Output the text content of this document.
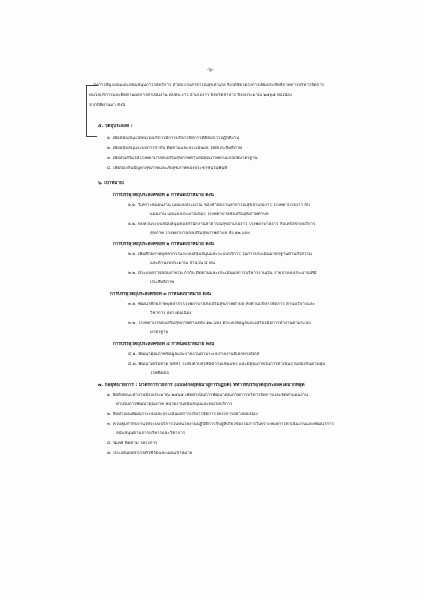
-๖-
ในการที่มุ่งเน้นและสนับสนุนการให้บริการ สำนักงานสาธารณสุขอำเภอ จึงได้จัดโครงการเพิ่มประสิทธิภาพการบริหารจัดการ
หน่วยบริการและติดตามผลการดำเนินงาน คปสอ.งาว อำเภองาว จังหวัดลำปาง ปีงบประมาณ ๒๕๖๕ ต่อเนื่อง
จากปีที่ผ่านมา ดังนี้
๕. วัตถุประสงค์ :
๑. เพื่อสนับสนุนให้หน่วยบริการมีการบริหารจัดการที่ดีต่อการปฏิบัติงาน
๒. เพื่อสนับสนุนระบบการกำกับ ติดตามและประเมินผล ให้มีประสิทธิภาพ
๓. เพื่อส่งเสริมให้โรงพยาบาลส่งเสริมสุขภาพตำบลมีคุณภาพตามเกณฑ์มาตรฐาน
๔. เพื่อป้องกันปัญหาสุขภาพและภัยสุขภาพของประชาชนในพื้นที่
๖. เป้าหมาย:
การบรรลุวัตถุประสงค์ข้อที่ ๑ กำหนดเป้าหมาย ดังนี้
๑.๑. วิเคราะห์แผนงาน แผนงบประมาณ ของสำนักงานสาธารณสุขอำเภองาว โรงพยาบาลงาว กับ
แผนงาน แผนงบประมาณของ โรงพยาบาลส่งเสริมสุขภาพตำบล
๑.๒. ทบทวนระบบสนับสนุนของสำนักงานสาธารณสุขอำเภองาว โรงพยาบาลงาว กับเครือข่ายบริการ
สุขภาพ โรงพยาบาลส่งเสริมสุขภาพตำบล ทั้ง ๑๒ แห่ง
การบรรลุวัตถุประสงค์ข้อที่ ๒ กำหนดเป้าหมาย ดังนี้
๒.๑. เพิ่มศักยภาพบุคลากรในระบบสนับสนุนและระบบบริการ ในการประเมินมาตรฐานด้านกิจกรรม
และด้านงบประมาณ จำนวน ๔ คน
๒.๒. มีระบบตรวจสอบภายใน กำกับ ติดตามและประเมินผลการบริหารงานเงิน รายจ่ายงบประมาณที่มี
ประสิทธิภาพ
การบรรลุวัตถุประสงค์ข้อที่ ๓ กำหนดเป้าหมาย ดังนี้
๓.๑. พัฒนาศักยภาพบุคลากรโรงพยาบาลส่งเสริมสุขภาพตำบล ทั้งด้านบริหารจัดการ ด้านบริการและ
วิชาการ อย่างต่อเนื่อง
๓.๒. โรงพยาบาลส่งเสริมสุขภาพตำบลทั้ง ๑๒ แห่ง มีระบบข้อมูลและเครื่องมือการทำงานตามระบบ
มาตรฐาน
การบรรลุวัตถุประสงค์ข้อที่ ๔ กำหนดเป้าหมาย ดังนี้
๔.๑. พัฒนาคุณภาพข้อมูลและรายงานตามระบบรายงานอิเล็กทรอนิกส์
๔.๒. พัฒนาเครือข่าย SRRT ระดับตำบลให้มีความเข้มแข็ง และมีคุณภาพในการดำเนินงานป้องกันควบคุม
โรคติดต่อ
๗. กลยุทธ์/วิธีการ : มาตรการ/วิธีการ (แปลงกลยุทธ์มาสู่การปฏิบัติ) ที่ทำให้บรรลุวัตถุประสงค์ได้มากที่สุด
๑. จัดตั้งคณะทำงานปีงบประมาณ ๒๕๖๕ เพื่อดำเนินการพัฒนาคุณภาพการบริหารจัดการและจัดทำแผนงาน
ดำเนินการพัฒนาคุณภาพ หน่วยงานสนับสนุนและหน่วยบริการ
๒. จัดทำแผนพัฒนาระบบและประเมินผลการบริหารจัดการโครงการอย่างต่อเนื่อง
๓. ควบคุมกำกับงานให้ระบบบริการในหน่วยงานปฏิบัติการกับผู้ที่เกี่ยวข้องในการวิเคราะห์ผลการดำเนินงานและพัฒนาการ
สนับสนุนด้านการบริหารและวิชาการ
๔. นิเทศ ติดตาม โครงการ
๕. ประเมินผลสำเร็จตัวชี้วัดและแผนเป้าหมาย
